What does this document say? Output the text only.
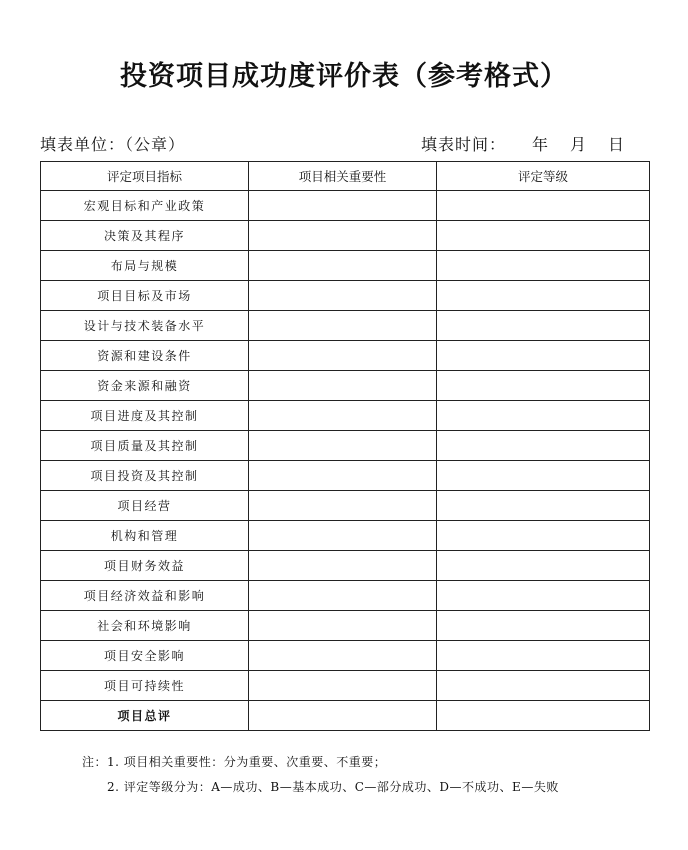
投资项目成功度评价表（参考格式）
填表单位：（公章）	填表时间： 年 月 日
评定项目指标	项目相关重要性	评定等级
宏观目标和产业政策		
决策及其程序		
布局与规模		
项目目标及市场		
设计与技术装备水平		
资源和建设条件		
资金来源和融资		
项目进度及其控制		
项目质量及其控制		
项目投资及其控制		
项目经营		
机构和管理		
项目财务效益		
项目经济效益和影响		
社会和环境影响		
项目安全影响		
项目可持续性		
项目总评		
注：1. 项目相关重要性：分为重要、次重要、不重要；
2. 评定等级分为：A—成功、B—基本成功、C—部分成功、D—不成功、E—失败
